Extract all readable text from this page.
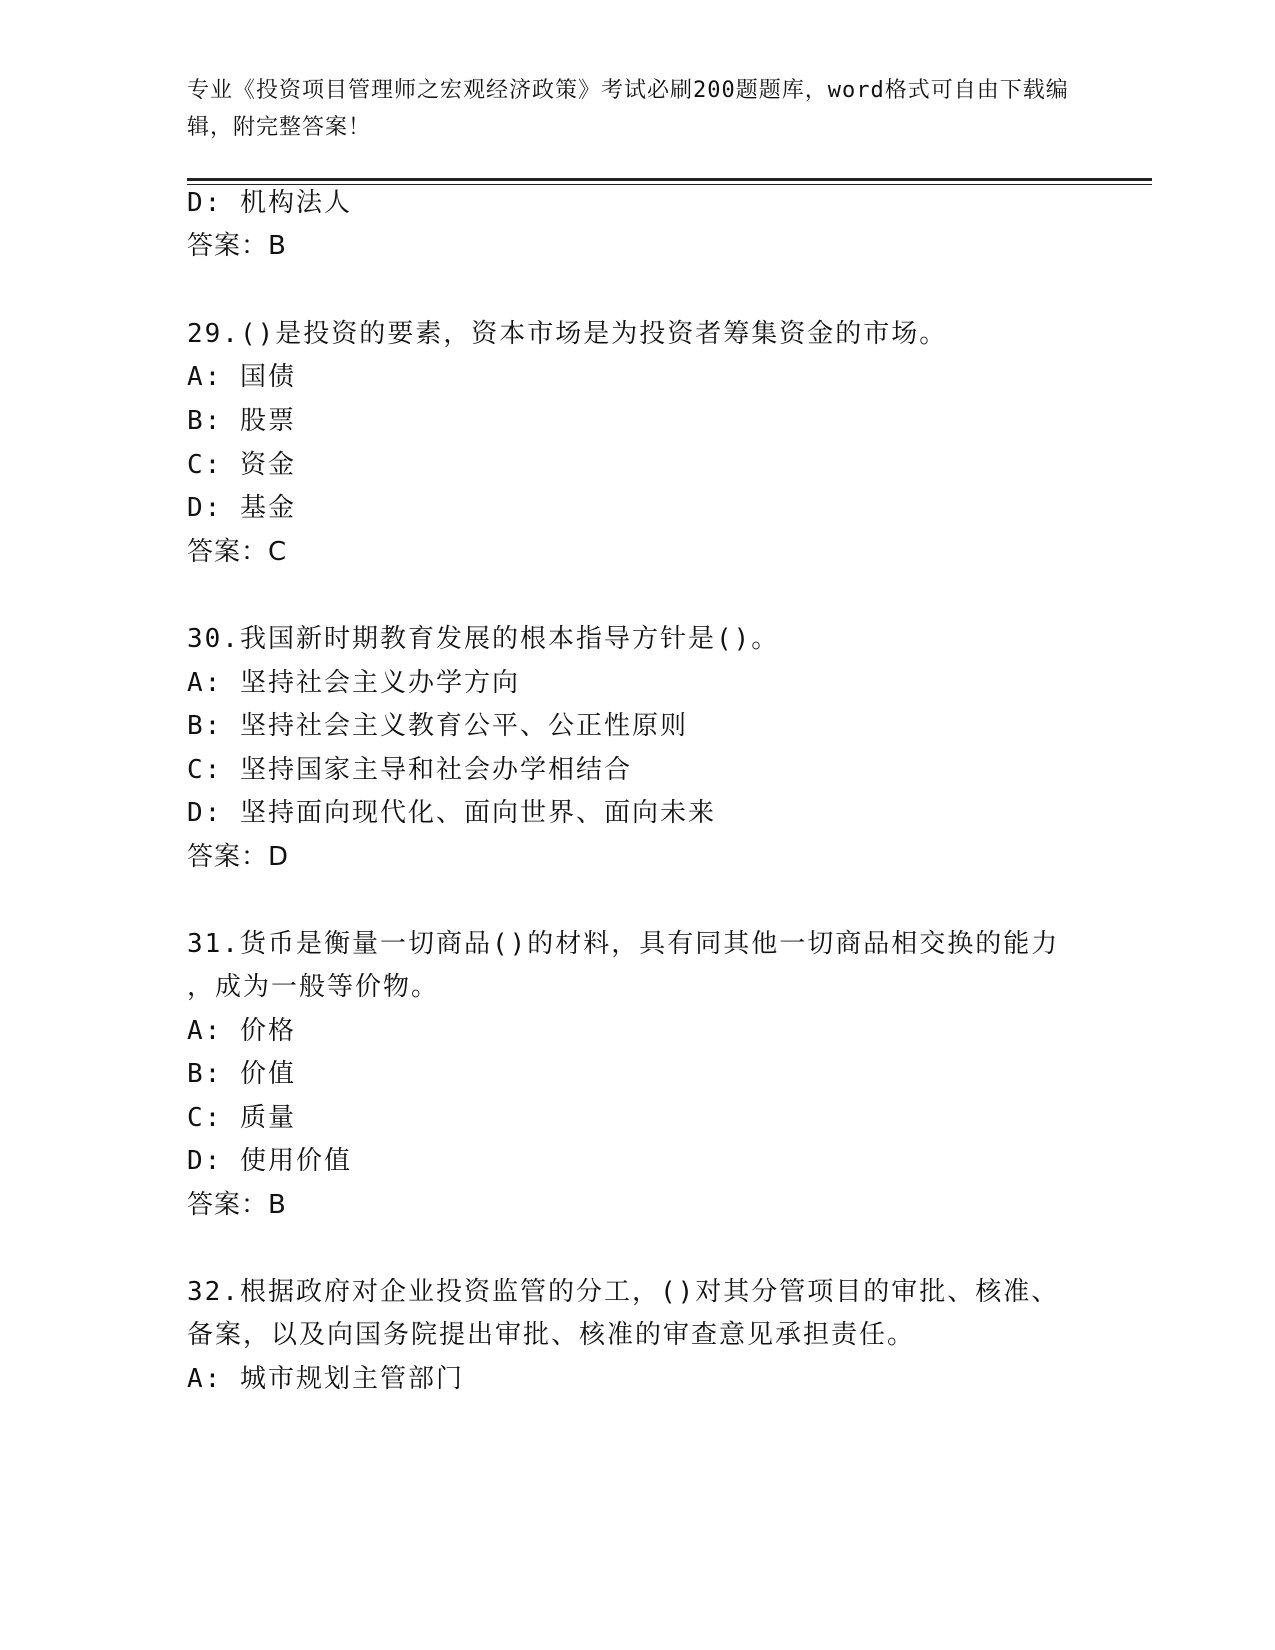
专业《投资项目管理师之宏观经济政策》考试必刷200题题库，word格式可自由下载编辑，附完整答案！
D: 机构法人
答案：B
29.()是投资的要素，资本市场是为投资者筹集资金的市场。
A: 国债
B: 股票
C: 资金
D: 基金
答案：C
30.我国新时期教育发展的根本指导方针是()。
A: 坚持社会主义办学方向
B: 坚持社会主义教育公平、公正性原则
C: 坚持国家主导和社会办学相结合
D: 坚持面向现代化、面向世界、面向未来
答案：D
31.货币是衡量一切商品()的材料，具有同其他一切商品相交换的能力
，成为一般等价物。
A: 价格
B: 价值
C: 质量
D: 使用价值
答案：B
32.根据政府对企业投资监管的分工，()对其分管项目的审批、核准、
备案，以及向国务院提出审批、核准的审查意见承担责任。
A: 城市规划主管部门
